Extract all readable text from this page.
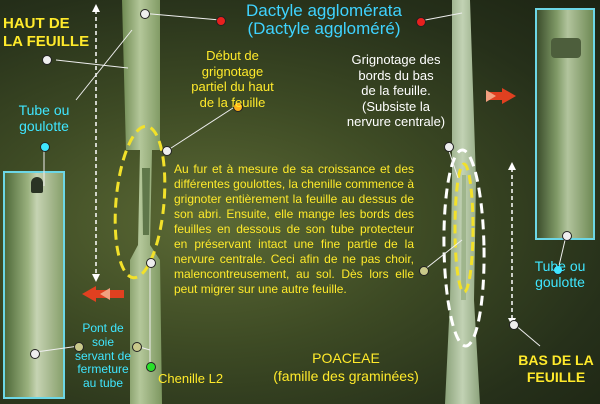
Dactyle agglomérata
(Dactyle aggloméré)
HAUT DE
LA FEUILLE
Début de grignotage
partiel du haut
de la feuille
Grignotage des
bords du bas
de la feuille.
(Subsiste la
nervure centrale)
Tube ou
goulotte
Tube ou
goulotte
Au fur et à mesure de sa croissance et des différentes goulottes, la chenille commence à grignoter entièrement la feuille au dessus de son abri. Ensuite, elle mange les bords des feuilles en dessous de son tube protecteur en préservant intact une fine partie de la nervure centrale. Ceci afin de ne pas choir, malencontreusement, au sol. Dès lors elle peut migrer sur une autre feuille.
Pont de
soie
servant de
fermeture
au tube	Chenille L2
POACEAE
(famille des graminées)
BAS DE LA
FEUILLE
